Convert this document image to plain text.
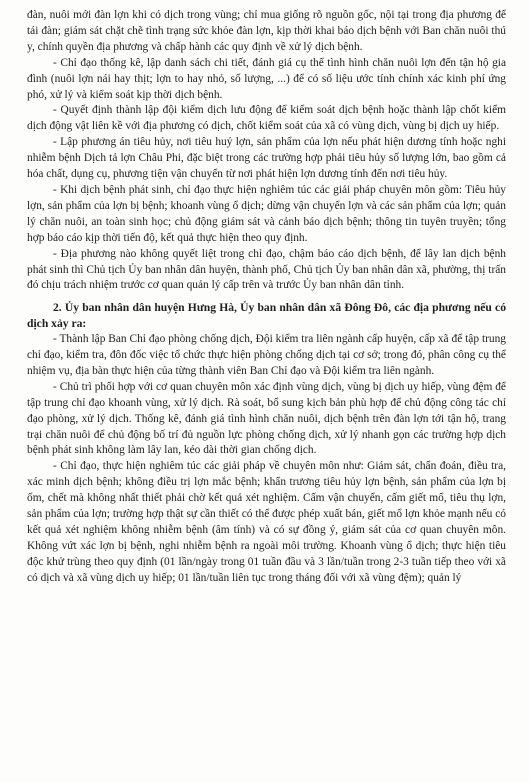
đàn, nuôi mới đàn lợn khi có dịch trong vùng; chỉ mua giống rõ nguồn gốc, nội tại trong địa phương để tái đàn; giám sát chặt chẽ tình trạng sức khỏe đàn lợn, kịp thời khai báo dịch bệnh với Ban chăn nuôi thú y, chính quyền địa phương và chấp hành các quy định về xử lý dịch bệnh.

- Chỉ đạo thống kê, lập danh sách chi tiết, đánh giá cụ thể tình hình chăn nuôi lợn đến tận hộ gia đình (nuôi lợn nái hay thịt; lợn to hay nhỏ, số lượng, ...) để có số liệu ước tính chính xác kinh phí ứng phó, xử lý và kiểm soát kịp thời dịch bệnh.

- Quyết định thành lập đội kiểm dịch lưu động để kiểm soát dịch bệnh hoặc thành lập chốt kiểm dịch động vật liên kề với địa phương có dịch, chốt kiểm soát của xã có vùng dịch, vùng bị dịch uy hiếp.

- Lập phương án tiêu hủy, nơi tiêu huỷ lợn, sản phẩm của lợn nếu phát hiện dương tính hoặc nghi nhiễm bệnh Dịch tả lợn Châu Phi, đặc biệt trong các trường hợp phải tiêu hủy số lượng lớn, bao gồm cả hóa chất, dụng cụ, phương tiện vận chuyển từ nơi phát hiện lợn dương tính đến nơi tiêu hủy.

- Khi dịch bệnh phát sinh, chỉ đạo thực hiện nghiêm túc các giải pháp chuyên môn gồm: Tiêu hủy lợn, sản phẩm của lợn bị bệnh; khoanh vùng ổ dịch; dừng vận chuyển lợn và các sản phẩm của lợn; quản lý chăn nuôi, an toàn sinh học; chủ động giám sát và cảnh báo dịch bệnh; thông tin tuyên truyền; tổng hợp báo cáo kịp thời tiến độ, kết quả thực hiện theo quy định.

- Địa phương nào không quyết liệt trong chỉ đạo, chậm báo cáo dịch bệnh, để lây lan dịch bệnh phát sinh thì Chủ tịch Ủy ban nhân dân huyện, thành phố, Chủ tịch Ủy ban nhân dân xã, phường, thị trấn đó chịu trách nhiệm trước cơ quan quản lý cấp trên và trước Ủy ban nhân dân tỉnh.

2. Ủy ban nhân dân huyện Hưng Hà, Ủy ban nhân dân xã Đông Đô, các địa phương nếu có dịch xảy ra:

- Thành lập Ban Chỉ đạo phòng chống dịch, Đội kiểm tra liên ngành cấp huyện, cấp xã để tập trung chỉ đạo, kiểm tra, đôn đốc việc tổ chức thực hiện phòng chống dịch tại cơ sở; trong đó, phân công cụ thể nhiệm vụ, địa bàn thực hiện của từng thành viên Ban Chỉ đạo và Đội kiểm tra liên ngành.

- Chủ trì phối hợp với cơ quan chuyên môn xác định vùng dịch, vùng bị dịch uy hiếp, vùng đệm để tập trung chỉ đạo khoanh vùng, xử lý dịch. Rà soát, bổ sung kịch bản phù hợp để chủ động công tác chỉ đạo phòng, xử lý dịch. Thống kê, đánh giá tình hình chăn nuôi, dịch bệnh trên đàn lợn tới tận hộ, trang trại chăn nuôi để chủ động bố trí đủ nguồn lực phòng chống dịch, xử lý nhanh gọn các trường hợp dịch bệnh phát sinh không làm lây lan, kéo dài thời gian chống dịch.

- Chỉ đạo, thực hiện nghiêm túc các giải pháp về chuyên môn như: Giám sát, chẩn đoán, điều tra, xác minh dịch bệnh; không điều trị lợn mắc bệnh; khẩn trương tiêu hủy lợn bệnh, sản phẩm của lợn bị ốm, chết mà không nhất thiết phải chờ kết quả xét nghiệm. Cấm vận chuyển, cấm giết mổ, tiêu thụ lợn, sản phẩm của lợn; trường hợp thật sự cần thiết có thể được phép xuất bán, giết mổ lợn khỏe mạnh nếu có kết quả xét nghiệm không nhiễm bệnh (âm tính) và có sự đồng ý, giám sát của cơ quan chuyên môn. Không vứt xác lợn bị bệnh, nghi nhiễm bệnh ra ngoài môi trường. Khoanh vùng ổ dịch; thực hiện tiêu độc khử trùng theo quy định (01 lần/ngày trong 01 tuần đầu và 3 lần/tuần trong 2-3 tuần tiếp theo với xã có dịch và xã vùng dịch uy hiếp; 01 lần/tuần liên tục trong tháng đối với xã vùng đệm); quản lý
